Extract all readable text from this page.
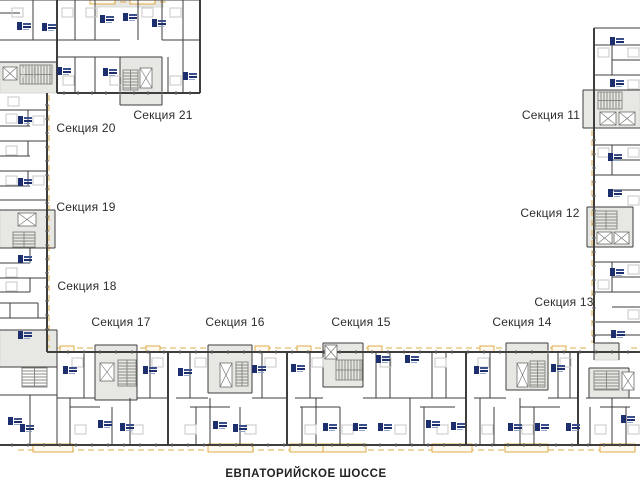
Секция 21
Секция 20
Секция 19
Секция 18
Секция 17	Секция 16	Секция 15	Секция 14
Секция 13
Секция 12
Секция 11
ЕВПАТОРИЙСКОЕ ШОССЕ
